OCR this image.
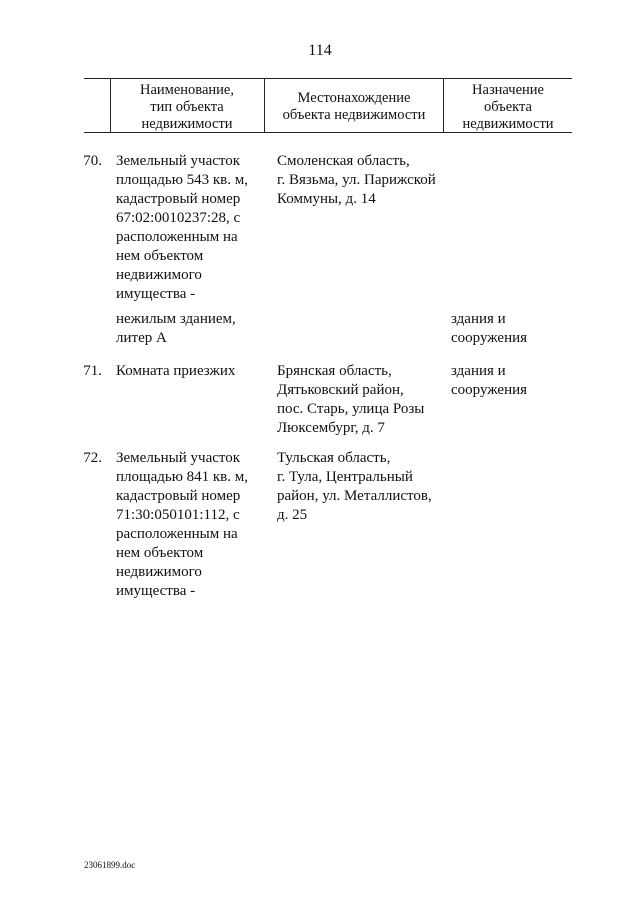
114
Наименование,
тип объекта
недвижимости
Местонахождение
объекта недвижимости
Назначение
объекта
недвижимости
70. Земельный участок
площадью 543 кв. м,
кадастровый номер
67:02:0010237:28, с
расположенным на
нем объектом
недвижимого
имущества -
Смоленская область,
г. Вязьма, ул. Парижской
Коммуны, д. 14
нежилым зданием,
литер А
здания и
сооружения
71. Комната приезжих	Брянская область,
Дятьковский район,
пос. Старь, улица Розы
Люксембург, д. 7
здания и
сооружения
72. Земельный участок
площадью 841 кв. м,
кадастровый номер
71:30:050101:112, с
расположенным на
нем объектом
недвижимого
имущества -
Тульская область,
г. Тула, Центральный
район, ул. Металлистов,
д. 25
23061899.doc
